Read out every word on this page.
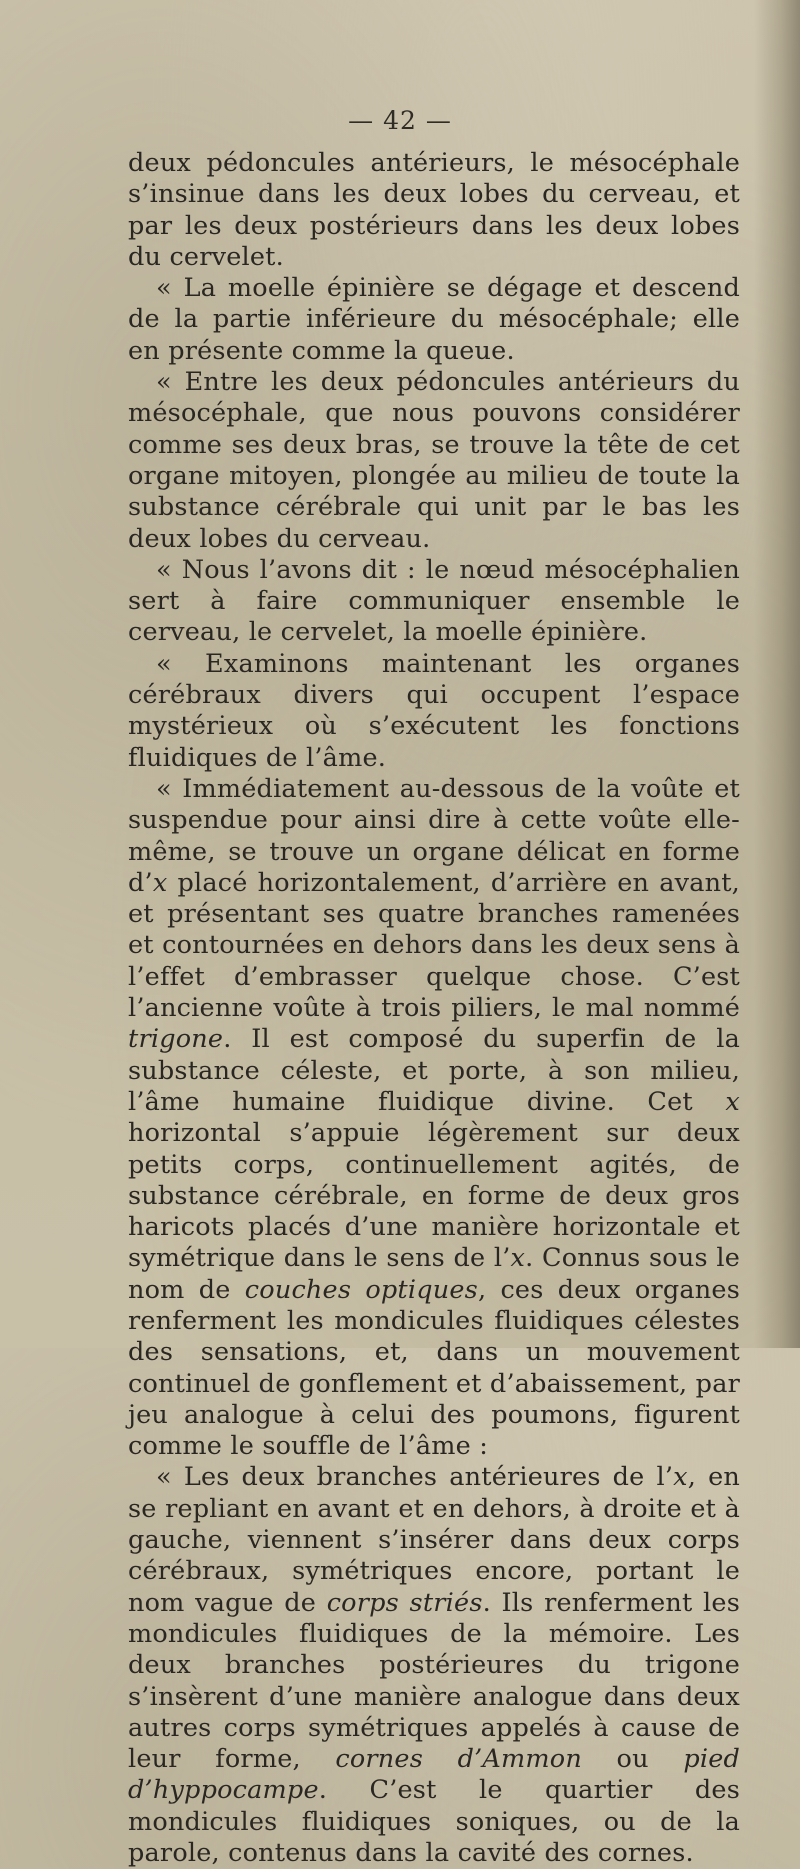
— 42 —

deux pédoncules antérieurs, le mésocéphale s’insinue dans les deux lobes du cerveau, et par les deux postérieurs dans les deux lobes du cervelet.

« La moelle épinière se dégage et descend de la partie inférieure du mésocéphale; elle en présente comme la queue.

« Entre les deux pédoncules antérieurs du mésocéphale, que nous pouvons considérer comme ses deux bras, se trouve la tête de cet organe mitoyen, plongée au milieu de toute la substance cérébrale qui unit par le bas les deux lobes du cerveau.

« Nous l’avons dit : le nœud mésocéphalien sert à faire communiquer ensemble le cerveau, le cervelet, la moelle épinière.

« Examinons maintenant les organes cérébraux divers qui occupent l’espace mystérieux où s’exécutent les fonctions fluidiques de l’âme.

« Immédiatement au-dessous de la voûte et suspendue pour ainsi dire à cette voûte elle-même, se trouve un organe délicat en forme d’x placé horizontalement, d’arrière en avant, et présentant ses quatre branches ramenées et contournées en dehors dans les deux sens à l’effet d’embrasser quelque chose. C’est l’ancienne voûte à trois piliers, le mal nommé trigone. Il est composé du superfin de la substance céleste, et porte, à son milieu, l’âme humaine fluidique divine. Cet x horizontal s’appuie légèrement sur deux petits corps, continuellement agités, de substance cérébrale, en forme de deux gros haricots placés d’une manière horizontale et symétrique dans le sens de l’x. Connus sous le nom de couches optiques, ces deux organes renferment les mondicules fluidiques célestes des sensations, et, dans un mouvement continuel de gonflement et d’abaissement, par jeu analogue à celui des poumons, figurent comme le souffle de l’âme :

« Les deux branches antérieures de l’x, en se repliant en avant et en dehors, à droite et à gauche, viennent s’insérer dans deux corps cérébraux, symétriques encore, portant le nom vague de corps striés. Ils renferment les mondicules fluidiques de la mémoire. Les deux branches postérieures du trigone s’insèrent d’une manière analogue dans deux autres corps symétriques appelés à cause de leur forme, cornes d’Ammon ou pied d’hyppocampe. C’est le quartier des mondicules fluidiques soniques, ou de la parole, contenus dans la cavité des cornes.
